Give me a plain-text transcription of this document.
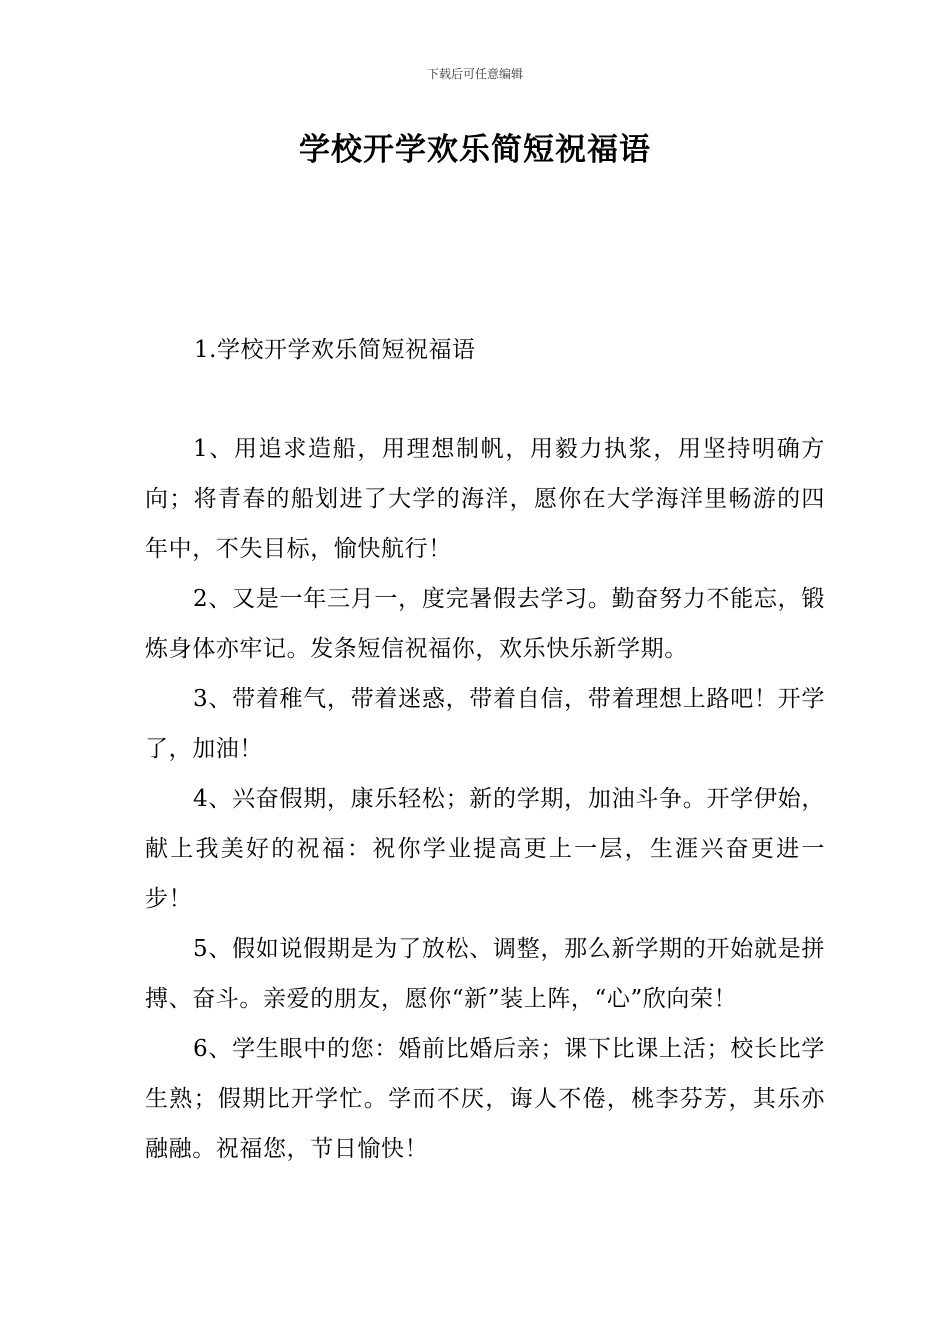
下载后可任意编辑
学校开学欢乐简短祝福语
1.学校开学欢乐简短祝福语

1、用追求造船，用理想制帆，用毅力执浆，用坚持明确方向；将青春的船划进了大学的海洋，愿你在大学海洋里畅游的四年中，不失目标，愉快航行！

2、又是一年三月一，度完暑假去学习。勤奋努力不能忘，锻炼身体亦牢记。发条短信祝福你，欢乐快乐新学期。

3、带着稚气，带着迷惑，带着自信，带着理想上路吧！开学了，加油！

4、兴奋假期，康乐轻松；新的学期，加油斗争。开学伊始，献上我美好的祝福：祝你学业提高更上一层，生涯兴奋更进一步！

5、假如说假期是为了放松、调整，那么新学期的开始就是拼搏、奋斗。亲爱的朋友，愿你“新”装上阵，“心”欣向荣！

6、学生眼中的您：婚前比婚后亲；课下比课上活；校长比学生熟；假期比开学忙。学而不厌，诲人不倦，桃李芬芳，其乐亦融融。祝福您，节日愉快！
